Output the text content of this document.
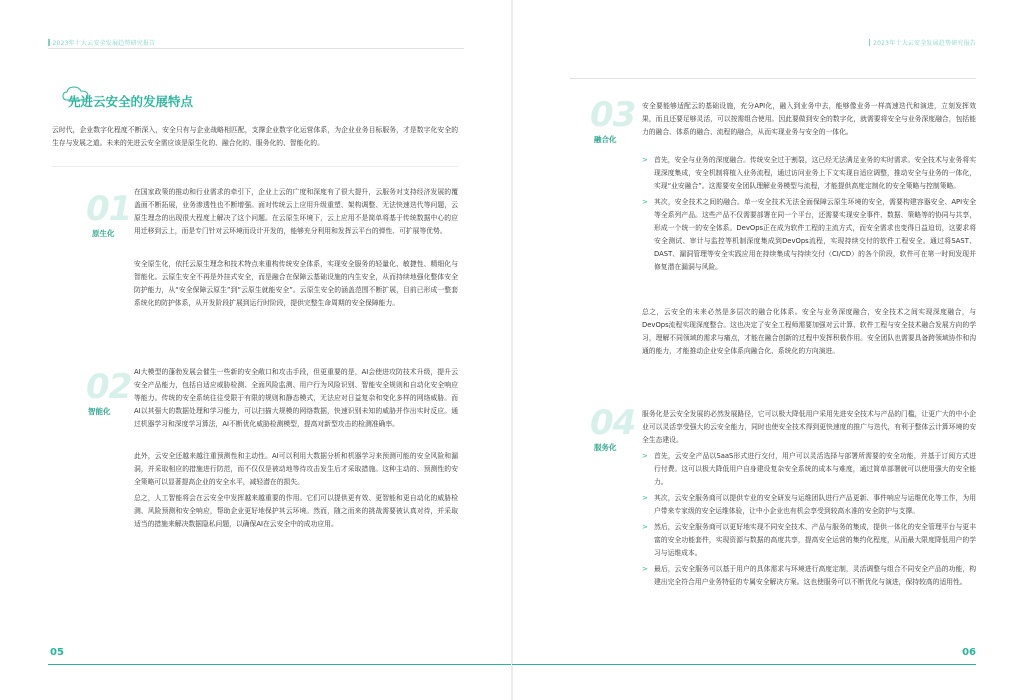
2023年十大云安全发展趋势研究报告
先进云安全的发展特点

云时代，企业数字化程度不断深入，安全只有与企业战略相匹配，支撑企业数字化运营体系，为企业业务目标服务，才是数字化安全的生存与发展之道。未来的先进云安全需应该是原生化的、融合化的、服务化的、智能化的。

01
原生化

在国家政策的推动和行业需求的牵引下，企业上云的广度和深度有了很大提升，云服务对支持经济发展的覆盖面不断拓展，业务渗透性也不断增强。面对传统云上应用升级重塑、架构调整、无法快速迭代等问题，云原生理念的出现很大程度上解决了这个问题。在云原生环境下，云上应用不是简单将基于传统数据中心的应用迁移到云上，而是专门针对云环境而设计开发的，能够充分利用和发挥云平台的弹性、可扩展等优势。

安全原生化，依托云原生理念和技术特点来重构传统安全体系，实现安全服务的轻量化、敏捷性、精细化与智能化。云原生安全不再是外挂式安全，而是融合在保障云基础设施的内生安全，从而持续地强化整体安全防护能力，从“安全保障云原生”到“云原生就能安全”。云原生安全的涵盖范围不断扩展，目前已形成一整套系统化的防护体系，从开发阶段扩展到运行时阶段，提供完整生命周期的安全保障能力。

02
智能化

AI大模型的蓬勃发展会催生一些新的安全敞口和攻击手段，但更重要的是，AI会使进攻防技术升级，提升云安全产品能力，包括自适应威胁检测、全面风险监测、用户行为风险识别、智能安全规则和自动化安全响应等能力。传统的安全系统往往受限于有限的规则和静态模式，无法应对日益复杂和变化多样的网络威胁。而AI以其强大的数据处理和学习能力，可以扫描大规模的网络数据，快速识别未知的威胁并作出实时反应。通过机器学习和深度学习算法，AI不断优化威胁检测模型，提高对新型攻击的检测准确率。

此外，云安全还越来越注重预测性和主动性。AI可以利用大数据分析和机器学习来预测可能的安全风险和漏洞，并采取相应的措施进行防范，而不仅仅是被动地等待攻击发生后才采取措施。这种主动的、预测性的安全策略可以显著提高企业的安全水平，减轻潜在的损失。

总之，人工智能将会在云安全中发挥越来越重要的作用。它们可以提供更有效、更智能和更自动化的威胁检测、风险预测和安全响应，帮助企业更好地保护其云环境。然而，随之而来的挑战需要被认真对待，并采取适当的措施来解决数据隐私问题，以确保AI在云安全中的成功应用。

05
2023年十大云安全发展趋势研究报告
03
融合化

安全要能够适配云的基础设施，充分API化，融入到业务中去，能够像业务一样高速迭代和演进，立刻发挥效果，而且还要足够灵活，可以按需组合使用。因此要做到安全的数字化，就需要将安全与业务深度融合，包括能力的融合、体系的融合、流程的融合，从而实现业务与安全的一体化。

> 首先，安全与业务的深度融合。传统安全过于割裂，这已经无法满足业务的实时需求。安全技术与业务将实现深度集成，安全机制将植入业务流程，通过访问业务上下文实现自适应调整，推动安全与业务的一体化，实现“业安融合”。这需要安全团队理解业务模型与流程，才能提供高度定制化的安全策略与控制策略。
> 其次，安全技术之间的融合。单一安全技术无法全面保障云原生环境的安全，需要构建容器安全、API安全等全系列产品。这些产品不仅需要部署在同一个平台，还需要实现安全事件、数据、策略等的协同与共享，形成一个统一的安全体系。DevOps正在成为软件工程的主流方式，而安全需求也变得日益迫切，这要求将安全测试、审计与监控等机制深度集成到DevOps流程，实现持续交付的软件工程安全。通过将SAST、DAST、漏洞管理等安全实践应用在持续集成与持续交付（CI/CD）的各个阶段，软件可在第一时间发现并修复潜在漏洞与风险。

总之，云安全的未来必然是多层次的融合化体系。安全与业务深度融合，安全技术之间实现深度融合，与DevOps流程实现深度整合。这也决定了安全工程师需要加强对云计算、软件工程与安全技术融合发展方向的学习，理解不同领域的需求与痛点，才能在融合创新的过程中发挥积极作用。安全团队也需要具备跨领域协作和沟通的能力，才能推动企业安全体系向融合化、系统化的方向演进。

04
服务化

服务化是云安全发展的必然发展路径，它可以极大降低用户采用先进安全技术与产品的门槛，让更广大的中小企业可以灵活享受强大的云安全能力，同时也使安全技术得到更快速度的推广与迭代，有利于整体云计算环境的安全生态建设。

> 首先，云安全产品以SaaS形式进行交付，用户可以灵活选择与部署所需要的安全功能，并基于订阅方式进行付费。这可以极大降低用户自身建设复杂安全系统的成本与难度，通过简单部署就可以使用强大的安全能力。
> 其次，云安全服务商可以提供专业的安全研发与运维团队进行产品更新、事件响应与运维优化等工作，为用户带来专家级的安全运维体验，让中小企业也有机会享受到较高水准的安全防护与支撑。
> 然后，云安全服务商可以更好地实现不同安全技术、产品与服务的集成，提供一体化的安全管理平台与更丰富的安全功能套件，实现资源与数据的高度共享，提高安全运营的集约化程度，从而最大限度降低用户的学习与运维成本。
> 最后，云安全服务可以基于用户的具体需求与环境进行高度定制，灵活调整与组合不同安全产品的功能，构建出完全符合用户业务特征的专属安全解决方案。这也使服务可以不断优化与演进，保持较高的适用性。
06
